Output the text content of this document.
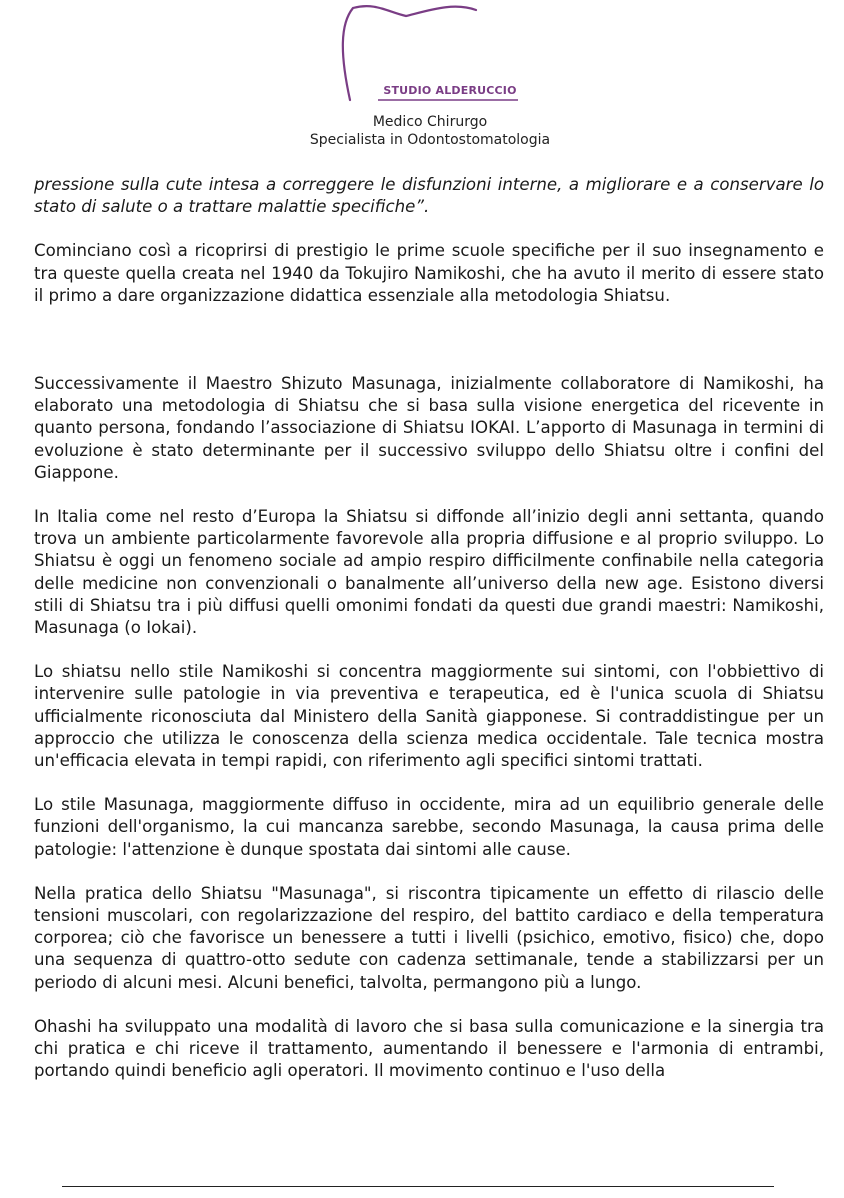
STUDIO ALDERUCCIO
Medico Chirurgo
Specialista in Odontostomatologia

pressione sulla cute intesa a correggere le disfunzioni interne, a migliorare e a conservare lo stato di salute o a trattare malattie specifiche”.

Cominciano così a ricoprirsi di prestigio le prime scuole specifiche per il suo insegnamento e tra queste quella creata nel 1940 da Tokujiro Namikoshi, che ha avuto il merito di essere stato il primo a dare organizzazione didattica essenziale alla metodologia Shiatsu.

Successivamente il Maestro Shizuto Masunaga, inizialmente collaboratore di Namikoshi, ha elaborato una metodologia di Shiatsu che si basa sulla visione energetica del ricevente in quanto persona, fondando l’associazione di Shiatsu IOKAI. L’apporto di Masunaga in termini di evoluzione è stato determinante per il successivo sviluppo dello Shiatsu oltre i confini del Giappone.

In Italia come nel resto d’Europa la Shiatsu si diffonde all’inizio degli anni settanta, quando trova un ambiente particolarmente favorevole alla propria diffusione e al proprio sviluppo. Lo Shiatsu è oggi un fenomeno sociale ad ampio respiro difficilmente confinabile nella categoria delle medicine non convenzionali o banalmente all’universo della new age. Esistono diversi stili di Shiatsu tra i più diffusi quelli omonimi fondati da questi due grandi maestri: Namikoshi, Masunaga (o Iokai).

Lo shiatsu nello stile Namikoshi si concentra maggiormente sui sintomi, con l'obbiettivo di intervenire sulle patologie in via preventiva e terapeutica, ed è l'unica scuola di Shiatsu ufficialmente riconosciuta dal Ministero della Sanità giapponese. Si contraddistingue per un approccio che utilizza le conoscenza della scienza medica occidentale. Tale tecnica mostra un'efficacia elevata in tempi rapidi, con riferimento agli specifici sintomi trattati.

Lo stile Masunaga, maggiormente diffuso in occidente, mira ad un equilibrio generale delle funzioni dell'organismo, la cui mancanza sarebbe, secondo Masunaga, la causa prima delle patologie: l'attenzione è dunque spostata dai sintomi alle cause.

Nella pratica dello Shiatsu "Masunaga", si riscontra tipicamente un effetto di rilascio delle tensioni muscolari, con regolarizzazione del respiro, del battito cardiaco e della temperatura corporea; ciò che favorisce un benessere a tutti i livelli (psichico, emotivo, fisico) che, dopo una sequenza di quattro-otto sedute con cadenza settimanale, tende a stabilizzarsi per un periodo di alcuni mesi. Alcuni benefici, talvolta, permangono più a lungo.

Ohashi ha sviluppato una modalità di lavoro che si basa sulla comunicazione e la sinergia tra chi pratica e chi riceve il trattamento, aumentando il benessere e l'armonia di entrambi, portando quindi beneficio agli operatori. Il movimento continuo e l'uso della
